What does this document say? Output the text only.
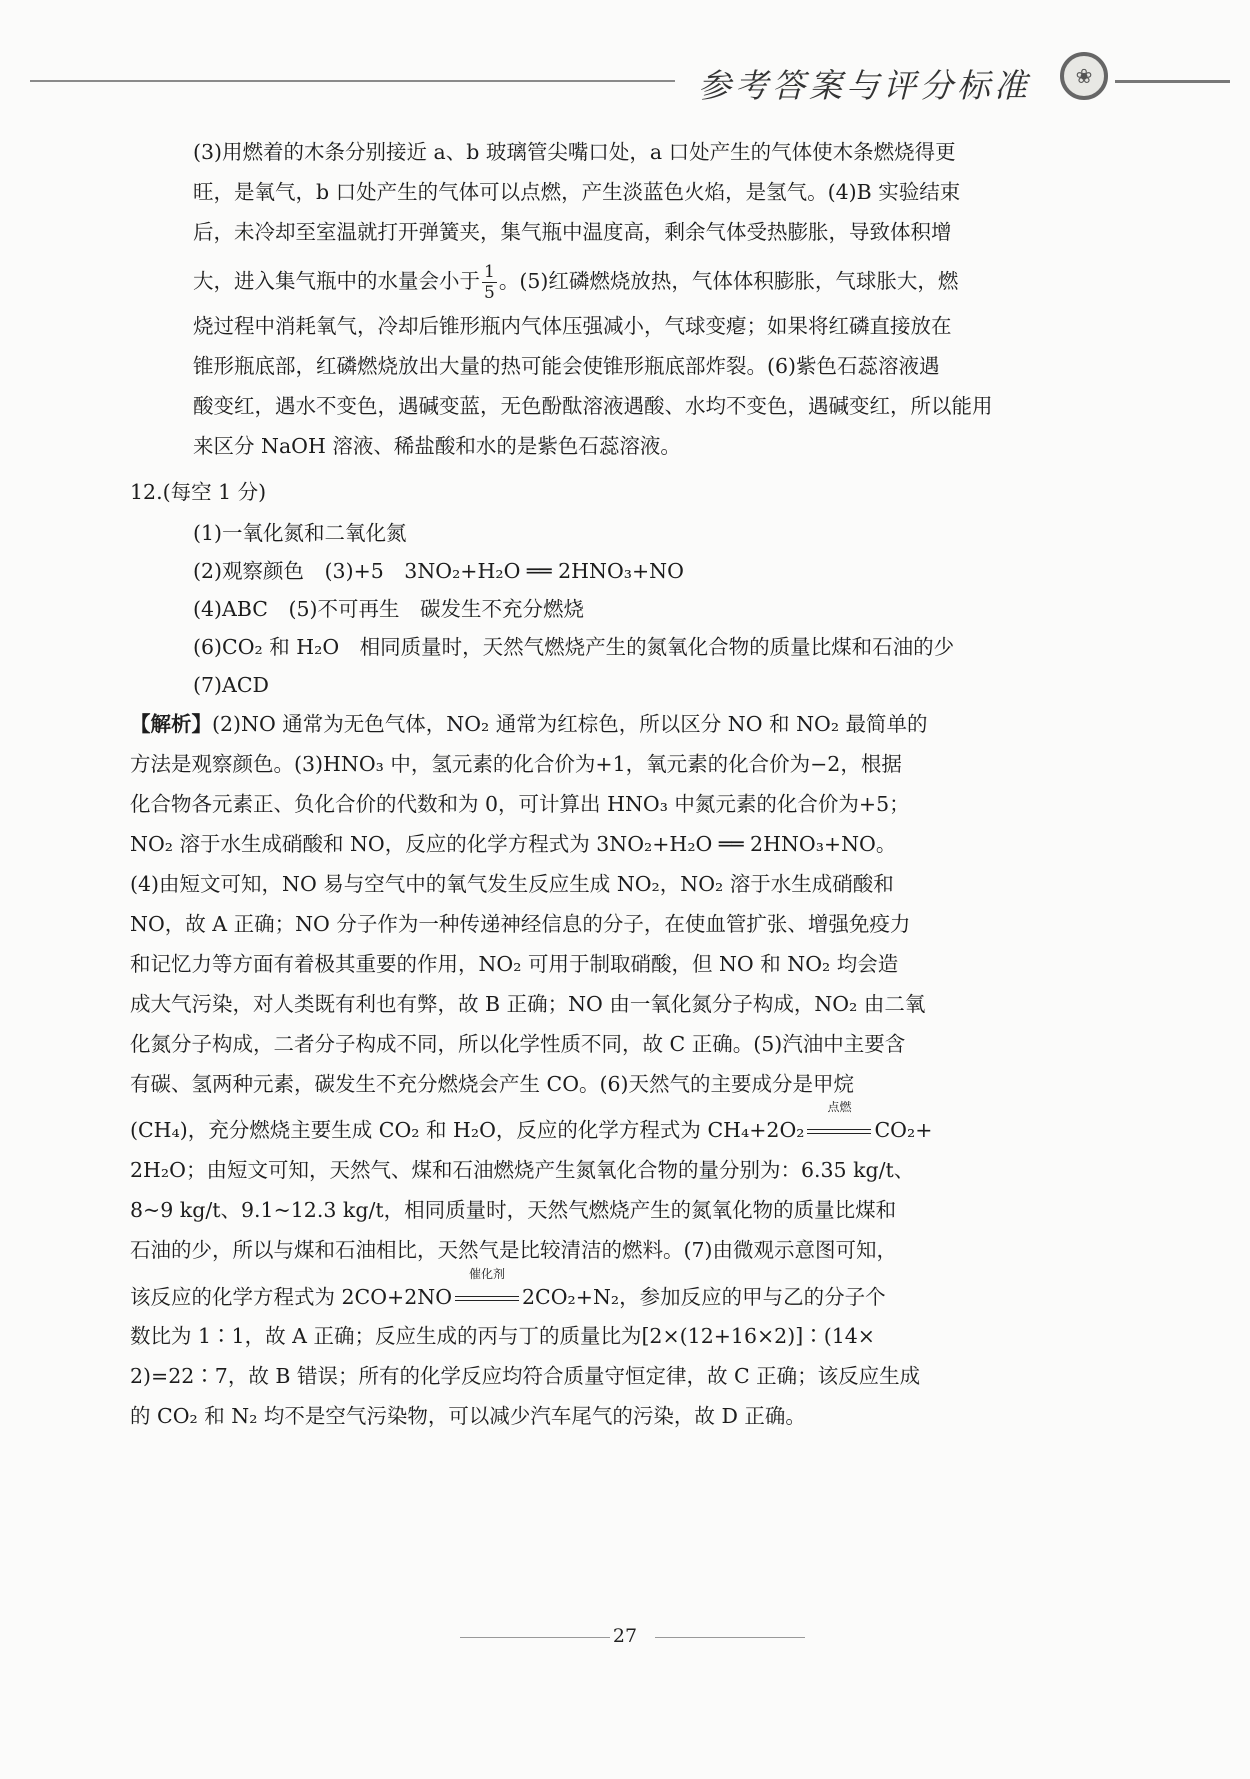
参考答案与评分标准	❀
(3)用燃着的木条分别接近 a、b 玻璃管尖嘴口处，a 口处产生的气体使木条燃烧得更
旺，是氧气，b 口处产生的气体可以点燃，产生淡蓝色火焰，是氢气。(4)B 实验结束
后，未冷却至室温就打开弹簧夹，集气瓶中温度高，剩余气体受热膨胀，导致体积增
大，进入集气瓶中的水量会小于 $\frac{1}{5}$ 。(5)红磷燃烧放热，气体体积膨胀，气球胀大，燃
烧过程中消耗氧气，冷却后锥形瓶内气体压强减小，气球变瘪；如果将红磷直接放在
锥形瓶底部，红磷燃烧放出大量的热可能会使锥形瓶底部炸裂。(6)紫色石蕊溶液遇
酸变红，遇水不变色，遇碱变蓝，无色酚酞溶液遇酸、水均不变色，遇碱变红，所以能用
来区分 NaOH 溶液、稀盐酸和水的是紫色石蕊溶液。
12.(每空 1 分)
(1)一氧化氮和二氧化氮
(2)观察颜色　(3)+5　3NO₂+H₂O ══ 2HNO₃+NO
(4)ABC　(5)不可再生　碳发生不充分燃烧
(6)CO₂ 和 H₂O　相同质量时，天然气燃烧产生的氮氧化合物的质量比煤和石油的少
(7)ACD
【解析】(2)NO 通常为无色气体，NO₂ 通常为红棕色，所以区分 NO 和 NO₂ 最简单的
方法是观察颜色。(3)HNO₃ 中，氢元素的化合价为+1，氧元素的化合价为−2，根据
化合物各元素正、负化合价的代数和为 0，可计算出 HNO₃ 中氮元素的化合价为+5；
NO₂ 溶于水生成硝酸和 NO，反应的化学方程式为 3NO₂+H₂O ══ 2HNO₃+NO。
(4)由短文可知，NO 易与空气中的氧气发生反应生成 NO₂，NO₂ 溶于水生成硝酸和
NO，故 A 正确；NO 分子作为一种传递神经信息的分子，在使血管扩张、增强免疫力
和记忆力等方面有着极其重要的作用，NO₂ 可用于制取硝酸，但 NO 和 NO₂ 均会造
成大气污染，对人类既有利也有弊，故 B 正确；NO 由一氧化氮分子构成，NO₂ 由二氧
化氮分子构成，二者分子构成不同，所以化学性质不同，故 C 正确。(5)汽油中主要含
有碳、氢两种元素，碳发生不充分燃烧会产生 CO。(6)天然气的主要成分是甲烷
(CH₄)，充分燃烧主要生成 CO₂ 和 H₂O，反应的化学方程式为 CH₄+2O₂
点燃
CO₂+
2H₂O；由短文可知，天然气、煤和石油燃烧产生氮氧化合物的量分别为：6.35 kg/t、
8~9 kg/t、9.1~12.3 kg/t，相同质量时，天然气燃烧产生的氮氧化物的质量比煤和
石油的少，所以与煤和石油相比，天然气是比较清洁的燃料。(7)由微观示意图可知，
该反应的化学方程式为 2CO+2NO
催化剂
2CO₂+N₂，参加反应的甲与乙的分子个
数比为 1∶1，故 A 正确；反应生成的丙与丁的质量比为[2×(12+16×2)]∶(14×
2)=22∶7，故 B 错误；所有的化学反应均符合质量守恒定律，故 C 正确；该反应生成
的 CO₂ 和 N₂ 均不是空气污染物，可以减少汽车尾气的污染，故 D 正确。
27
